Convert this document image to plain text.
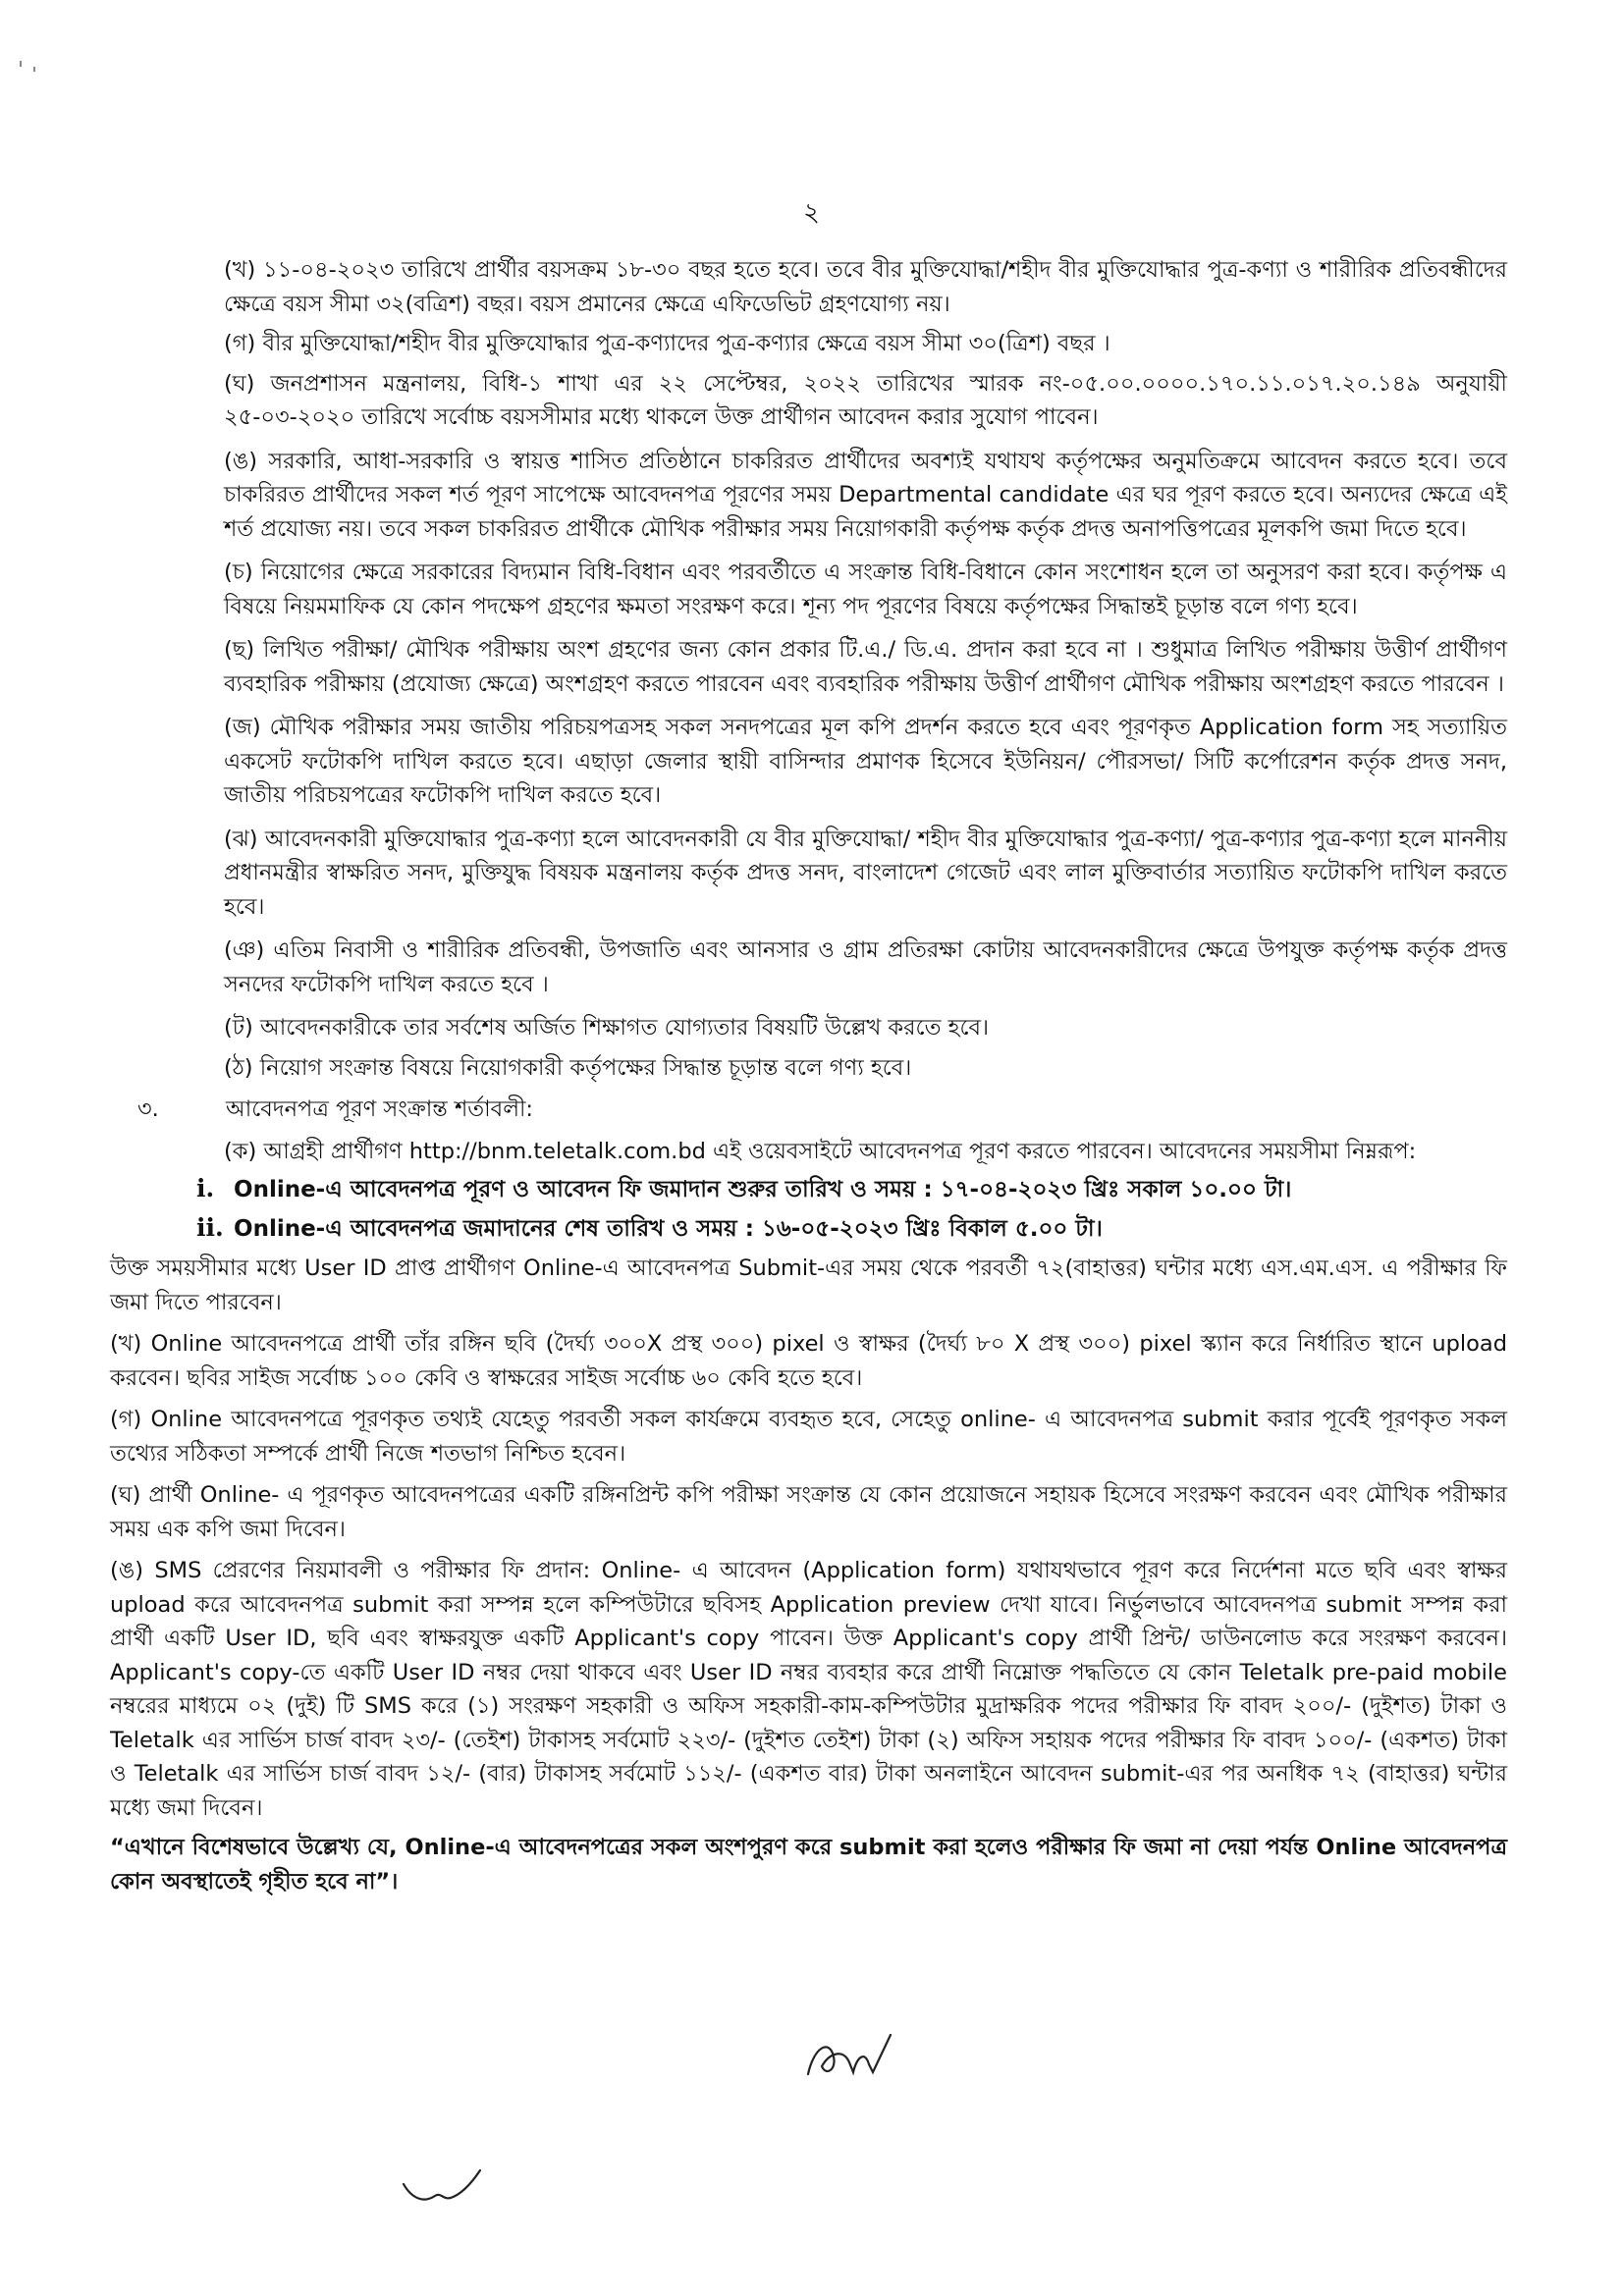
২

(খ) ১১-০৪-২০২৩ তারিখে প্রার্থীর বয়সক্রম ১৮-৩০ বছর হতে হবে। তবে বীর মুক্তিযোদ্ধা/শহীদ বীর মুক্তিযোদ্ধার পুত্র-কণ্যা ও শারীরিক প্রতিবন্ধীদের ক্ষেত্রে বয়স সীমা ৩২(বত্রিশ) বছর। বয়স প্রমানের ক্ষেত্রে এফিডেভিট গ্রহণযোগ্য নয়।

(গ) বীর মুক্তিযোদ্ধা/শহীদ বীর মুক্তিযোদ্ধার পুত্র-কণ্যাদের পুত্র-কণ্যার ক্ষেত্রে বয়স সীমা ৩০(ত্রিশ) বছর ।

(ঘ) জনপ্রশাসন মন্ত্রনালয়, বিধি-১ শাখা এর ২২ সেপ্টেম্বর, ২০২২ তারিখের স্মারক নং-০৫.০০.০০০০.১৭০.১১.০১৭.২০.১৪৯ অনুযায়ী ২৫-০৩-২০২০ তারিখে সর্বোচ্চ বয়সসীমার মধ্যে থাকলে উক্ত প্রার্থীগন আবেদন করার সুযোগ পাবেন।

(ঙ) সরকারি, আধা-সরকারি ও স্বায়ত্ত শাসিত প্রতিষ্ঠানে চাকরিরত প্রার্থীদের অবশ্যই যথাযথ কর্তৃপক্ষের অনুমতিক্রমে আবেদন করতে হবে। তবে চাকরিরত প্রার্থীদের সকল শর্ত পূরণ সাপেক্ষে আবেদনপত্র পূরণের সময় Departmental candidate এর ঘর পূরণ করতে হবে। অন্যদের ক্ষেত্রে এই শর্ত প্রযোজ্য নয়। তবে সকল চাকরিরত প্রার্থীকে মৌখিক পরীক্ষার সময় নিয়োগকারী কর্তৃপক্ষ কর্তৃক প্রদত্ত অনাপত্তিপত্রের মূলকপি জমা দিতে হবে।

(চ) নিয়োগের ক্ষেত্রে সরকারের বিদ্যমান বিধি-বিধান এবং পরবর্তীতে এ সংক্রান্ত বিধি-বিধানে কোন সংশোধন হলে তা অনুসরণ করা হবে। কর্তৃপক্ষ এ বিষয়ে নিয়মমাফিক যে কোন পদক্ষেপ গ্রহণের ক্ষমতা সংরক্ষণ করে। শূন্য পদ পূরণের বিষয়ে কর্তৃপক্ষের সিদ্ধান্তই চূড়ান্ত বলে গণ্য হবে।

(ছ) লিখিত পরীক্ষা/ মৌখিক পরীক্ষায় অংশ গ্রহণের জন্য কোন প্রকার টি.এ./ ডি.এ. প্রদান করা হবে না । শুধুমাত্র লিখিত পরীক্ষায় উত্তীর্ণ প্রার্থীগণ ব্যবহারিক পরীক্ষায় (প্রযোজ্য ক্ষেত্রে) অংশগ্রহণ করতে পারবেন এবং ব্যবহারিক পরীক্ষায় উত্তীর্ণ প্রার্থীগণ মৌখিক পরীক্ষায় অংশগ্রহণ করতে পারবেন ।

(জ) মৌখিক পরীক্ষার সময় জাতীয় পরিচয়পত্রসহ সকল সনদপত্রের মূল কপি প্রদর্শন করতে হবে এবং পূরণকৃত Application form সহ সত্যায়িত একসেট ফটোকপি দাখিল করতে হবে। এছাড়া জেলার স্থায়ী বাসিন্দার প্রমাণক হিসেবে ইউনিয়ন/ পৌরসভা/ সিটি কর্পোরেশন কর্তৃক প্রদত্ত সনদ, জাতীয় পরিচয়পত্রের ফটোকপি দাখিল করতে হবে।

(ঝ) আবেদনকারী মুক্তিযোদ্ধার পুত্র-কণ্যা হলে আবেদনকারী যে বীর মুক্তিযোদ্ধা/ শহীদ বীর মুক্তিযোদ্ধার পুত্র-কণ্যা/ পুত্র-কণ্যার পুত্র-কণ্যা হলে মাননীয় প্রধানমন্ত্রীর স্বাক্ষরিত সনদ, মুক্তিযুদ্ধ বিষয়ক মন্ত্রনালয় কর্তৃক প্রদত্ত সনদ, বাংলাদেশ গেজেট এবং লাল মুক্তিবার্তার সত্যায়িত ফটোকপি দাখিল করতে হবে।

(ঞ) এতিম নিবাসী ও শারীরিক প্রতিবন্ধী, উপজাতি এবং আনসার ও গ্রাম প্রতিরক্ষা কোটায় আবেদনকারীদের ক্ষেত্রে উপযুক্ত কর্তৃপক্ষ কর্তৃক প্রদত্ত সনদের ফটোকপি দাখিল করতে হবে ।

(ট) আবেদনকারীকে তার সর্বশেষ অর্জিত শিক্ষাগত যোগ্যতার বিষয়টি উল্লেখ করতে হবে।

(ঠ) নিয়োগ সংক্রান্ত বিষয়ে নিয়োগকারী কর্তৃপক্ষের সিদ্ধান্ত চূড়ান্ত বলে গণ্য হবে।

৩.	আবেদনপত্র পূরণ সংক্রান্ত শর্তাবলী:

(ক) আগ্রহী প্রার্থীগণ http://bnm.teletalk.com.bd এই ওয়েবসাইটে আবেদনপত্র পূরণ করতে পারবেন। আবেদনের সময়সীমা নিম্নরূপ:

i. Online-এ আবেদনপত্র পূরণ ও আবেদন ফি জমাদান শুরুর তারিখ ও সময় : ১৭-০৪-২০২৩ খ্রিঃ সকাল ১০.০০ টা।
ii. Online-এ আবেদনপত্র জমাদানের শেষ তারিখ ও সময় : ১৬-০৫-২০২৩ খ্রিঃ বিকাল ৫.০০ টা।

উক্ত সময়সীমার মধ্যে User ID প্রাপ্ত প্রার্থীগণ Online-এ আবেদনপত্র Submit-এর সময় থেকে পরবর্তী ৭২(বাহাত্তর) ঘন্টার মধ্যে এস.এম.এস. এ পরীক্ষার ফি জমা দিতে পারবেন।

(খ) Online আবেদনপত্রে প্রার্থী তাঁর রঙ্গিন ছবি (দৈর্ঘ্য ৩০০X প্রস্থ ৩০০) pixel ও স্বাক্ষর (দৈর্ঘ্য ৮০ X প্রস্থ ৩০০) pixel স্ক্যান করে নির্ধারিত স্থানে upload করবেন। ছবির সাইজ সর্বোচ্চ ১০০ কেবি ও স্বাক্ষরের সাইজ সর্বোচ্চ ৬০ কেবি হতে হবে।

(গ) Online আবেদনপত্রে পূরণকৃত তথ্যই যেহেতু পরবর্তী সকল কার্যক্রমে ব্যবহৃত হবে, সেহেতু online- এ আবেদনপত্র submit করার পূর্বেই পূরণকৃত সকল তথ্যের সঠিকতা সম্পর্কে প্রার্থী নিজে শতভাগ নিশ্চিত হবেন।

(ঘ) প্রার্থী Online- এ পূরণকৃত আবেদনপত্রের একটি রঙ্গিনপ্রিন্ট কপি পরীক্ষা সংক্রান্ত যে কোন প্রয়োজনে সহায়ক হিসেবে সংরক্ষণ করবেন এবং মৌখিক পরীক্ষার সময় এক কপি জমা দিবেন।

(ঙ) SMS প্রেরণের নিয়মাবলী ও পরীক্ষার ফি প্রদান: Online- এ আবেদন (Application form) যথাযথভাবে পূরণ করে নির্দেশনা মতে ছবি এবং স্বাক্ষর upload করে আবেদনপত্র submit করা সম্পন্ন হলে কম্পিউটারে ছবিসহ Application preview দেখা যাবে। নির্ভুলভাবে আবেদনপত্র submit সম্পন্ন করা প্রার্থী একটি User ID, ছবি এবং স্বাক্ষরযুক্ত একটি Applicant's copy পাবেন। উক্ত Applicant's copy প্রার্থী প্রিন্ট/ ডাউনলোড করে সংরক্ষণ করবেন। Applicant's copy-তে একটি User ID নম্বর দেয়া থাকবে এবং User ID নম্বর ব্যবহার করে প্রার্থী নিম্নোক্ত পদ্ধতিতে যে কোন Teletalk pre-paid mobile নম্বরের মাধ্যমে ০২ (দুই) টি SMS করে (১) সংরক্ষণ সহকারী ও অফিস সহকারী-কাম-কম্পিউটার মুদ্রাক্ষরিক পদের পরীক্ষার ফি বাবদ ২০০/- (দুইশত) টাকা ও Teletalk এর সার্ভিস চার্জ বাবদ ২৩/- (তেইশ) টাকাসহ সর্বমোট ২২৩/- (দুইশত তেইশ) টাকা (২) অফিস সহায়ক পদের পরীক্ষার ফি বাবদ ১০০/- (একশত) টাকা ও Teletalk এর সার্ভিস চার্জ বাবদ ১২/- (বার) টাকাসহ সর্বমোট ১১২/- (একশত বার) টাকা অনলাইনে আবেদন submit-এর পর অনধিক ৭২ (বাহাত্তর) ঘন্টার মধ্যে জমা দিবেন।

“এখানে বিশেষভাবে উল্লেখ্য যে, Online-এ আবেদনপত্রের সকল অংশপুরণ করে submit করা হলেও পরীক্ষার ফি জমা না দেয়া পর্যন্ত Online আবেদনপত্র কোন অবস্থাতেই গৃহীত হবে না”।
